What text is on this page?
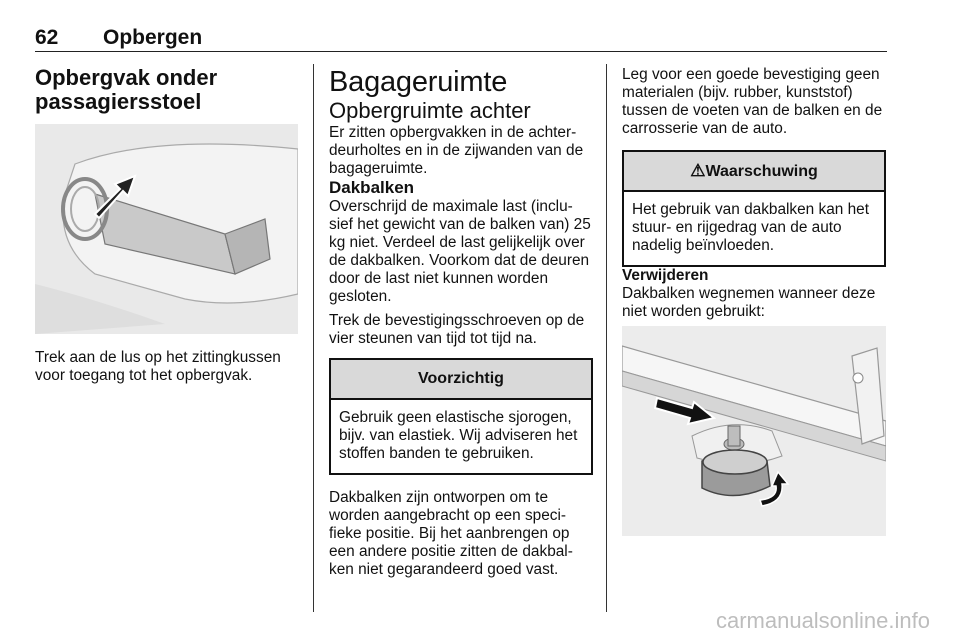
62 Opbergen

Opbergvak onder

passagiersstoel

Trek aan de lus op het zittingkussen voor toegang tot het opbergvak.

Bagageruimte

Opbergruimte achter

Er zitten opbergvakken in de achter-deurholtes en in de zijwanden van de bagageruimte.

Dakbalken

Overschrijd de maximale last (inclu-sief het gewicht van de balken van) 25 kg niet. Verdeel de last gelijkelijk over de dakbalken. Voorkom dat de deuren door de last niet kunnen worden gesloten.

Trek de bevestigingsschroeven op de vier steunen van tijd tot tijd na.

Voorzichtig
Gebruik geen elastische sjorogen, bijv. van elastiek. Wij adviseren het stoffen banden te gebruiken.

Dakbalken zijn ontworpen om te worden aangebracht op een speci-fieke positie. Bij het aanbrengen op een andere positie zitten de dakbal-ken niet gegarandeerd goed vast.

Leg voor een goede bevestiging geen materialen (bijv. rubber, kunststof) tussen de voeten van de balken en de carrosserie van de auto.

⚠Waarschuwing
Het gebruik van dakbalken kan het stuur- en rijgedrag van de auto nadelig beïnvloeden.

Verwijderen

Dakbalken wegnemen wanneer deze niet worden gebruikt:

carmanualsonline.info
